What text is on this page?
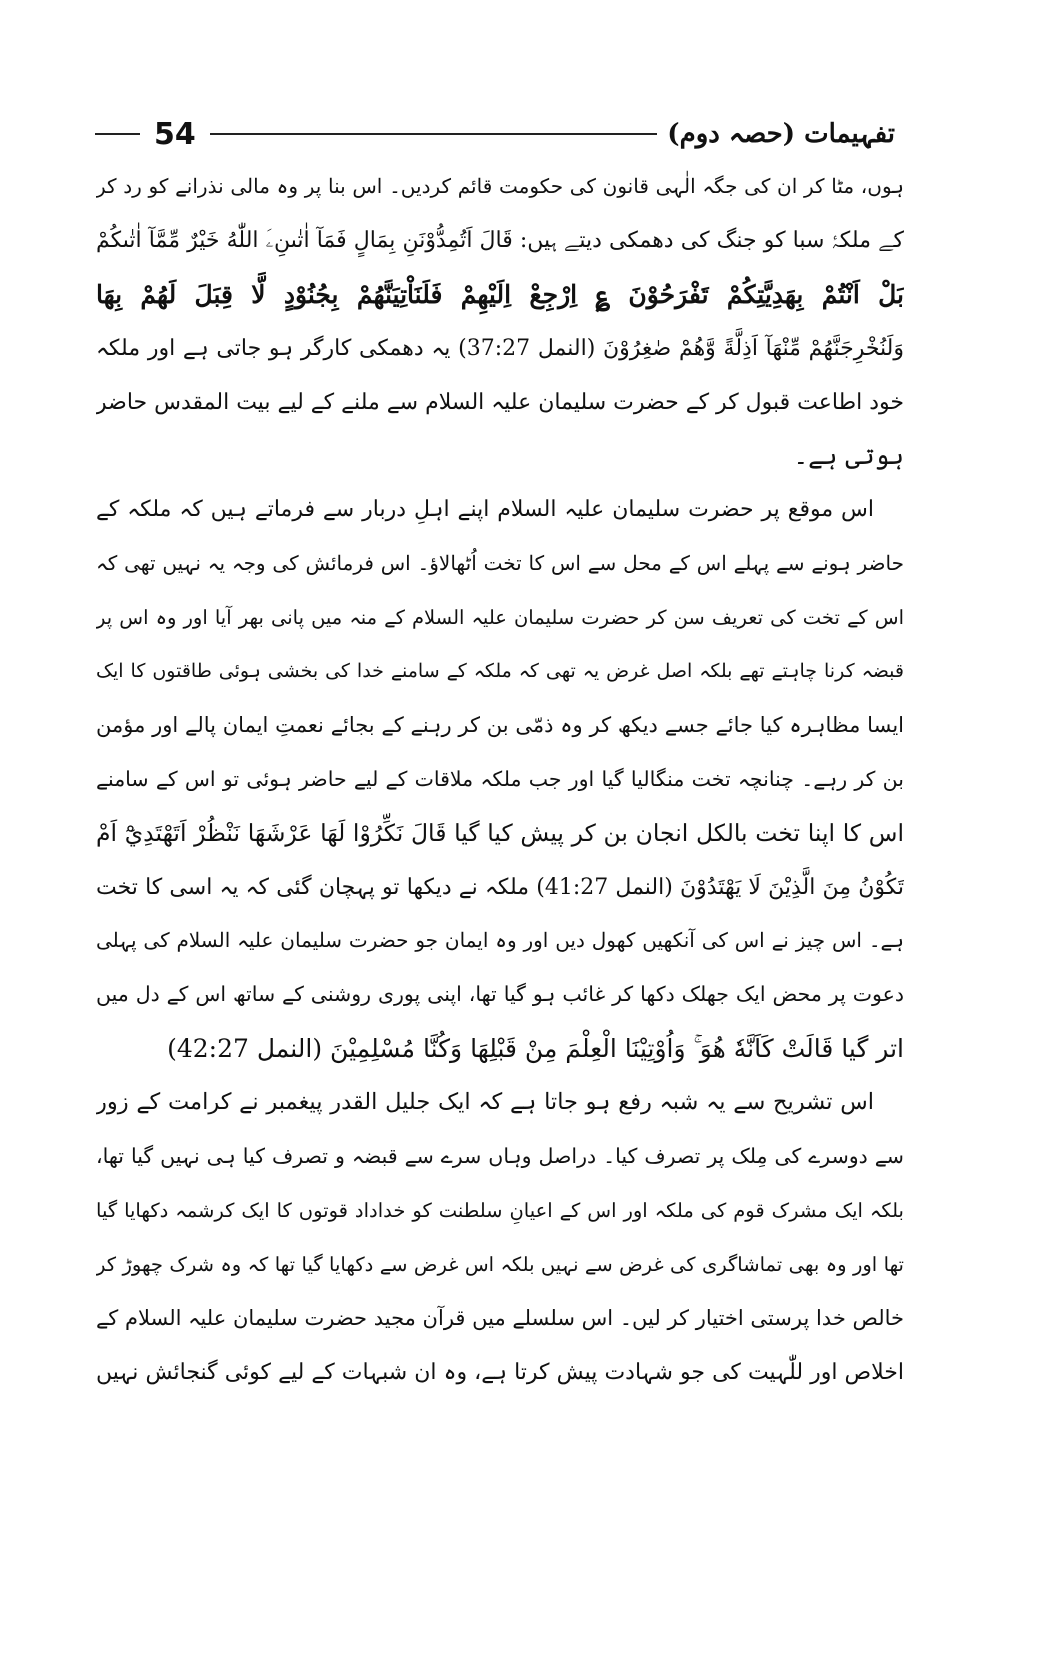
54	تفہیمات (حصہ دوم)
ہوں، مٹا کر ان کی جگہ الٰہی قانون کی حکومت قائم کردیں۔ اس بنا پر وہ مالی نذرانے کو رد کر
کے ملکۂ سبا کو جنگ کی دھمکی دیتے ہیں: قَالَ اَتُمِدُّوْنَنِ بِمَالٍ فَمَآ اٰتٰىنِۦَ اللّٰهُ خَيْرٌ مِّمَّآ اٰتٰىكُمْ
بَلْ اَنْتُمْ بِهَدِيَّتِكُمْ تَفْرَحُوْنَ ؏ اِرْجِعْ اِلَيْهِمْ فَلَنَاْتِيَنَّهُمْ بِجُنُوْدٍ لَّا قِبَلَ لَهُمْ بِهَا
وَلَنُخْرِجَنَّهُمْ مِّنْهَآ اَذِلَّةً وَّهُمْ صٰغِرُوْنَ (النمل 37:27) یہ دھمکی کارگر ہو جاتی ہے اور ملکہ
خود اطاعت قبول کر کے حضرت سلیمان علیہ السلام سے ملنے کے لیے بیت المقدس حاضر
ہوتی ہے۔
اس موقع پر حضرت سلیمان علیہ السلام اپنے اہلِ دربار سے فرماتے ہیں کہ ملکہ کے
حاضر ہونے سے پہلے اس کے محل سے اس کا تخت اُٹھالاؤ۔ اس فرمائش کی وجہ یہ نہیں تھی کہ
اس کے تخت کی تعریف سن کر حضرت سلیمان علیہ السلام کے منہ میں پانی بھر آیا اور وہ اس پر
قبضہ کرنا چاہتے تھے بلکہ اصل غرض یہ تھی کہ ملکہ کے سامنے خدا کی بخشی ہوئی طاقتوں کا ایک
ایسا مظاہرہ کیا جائے جسے دیکھ کر وہ ذمّی بن کر رہنے کے بجائے نعمتِ ایمان پالے اور مؤمن
بن کر رہے۔ چنانچہ تخت منگالیا گیا اور جب ملکہ ملاقات کے لیے حاضر ہوئی تو اس کے سامنے
اس کا اپنا تخت بالکل انجان بن کر پیش کیا گیا قَالَ نَكِّرُوْا لَهَا عَرْشَهَا نَنْظُرْ اَتَهْتَدِيْٓ اَمْ
تَكُوْنُ مِنَ الَّذِيْنَ لَا يَهْتَدُوْنَ (النمل 41:27) ملکہ نے دیکھا تو پہچان گئی کہ یہ اسی کا تخت
ہے۔ اس چیز نے اس کی آنکھیں کھول دیں اور وہ ایمان جو حضرت سلیمان علیہ السلام کی پہلی
دعوت پر محض ایک جھلک دکھا کر غائب ہو گیا تھا، اپنی پوری روشنی کے ساتھ اس کے دل میں
اتر گیا قَالَتْ كَاَنَّهٗ هُوَ ۚ وَاُوْتِيْنَا الْعِلْمَ مِنْ قَبْلِهَا وَكُنَّا مُسْلِمِيْنَ (النمل 42:27)
اس تشریح سے یہ شبہ رفع ہو جاتا ہے کہ ایک جلیل القدر پیغمبر نے کرامت کے زور
سے دوسرے کی مِلک پر تصرف کیا۔ دراصل وہاں سرے سے قبضہ و تصرف کیا ہی نہیں گیا تھا،
بلکہ ایک مشرک قوم کی ملکہ اور اس کے اعیانِ سلطنت کو خداداد قوتوں کا ایک کرشمہ دکھایا گیا
تھا اور وہ بھی تماشاگری کی غرض سے نہیں بلکہ اس غرض سے دکھایا گیا تھا کہ وہ شرک چھوڑ کر
خالص خدا پرستی اختیار کر لیں۔ اس سلسلے میں قرآن مجید حضرت سلیمان علیہ السلام کے
اخلاص اور للّٰہیت کی جو شہادت پیش کرتا ہے، وہ ان شبہات کے لیے کوئی گنجائش نہیں
